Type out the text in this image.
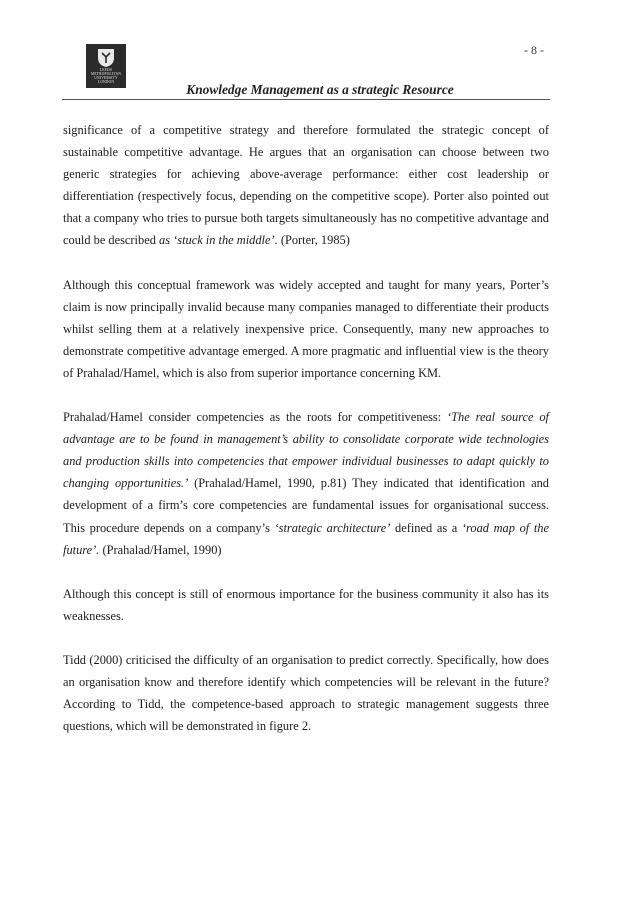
LEEDS METROPOLITAN
UNIVERSITY
LONDON
- 8 -
Knowledge Management as a strategic Resource

significance of a competitive strategy and therefore formulated the strategic concept of sustainable competitive advantage. He argues that an organisation can choose between two generic strategies for achieving above-average performance: either cost leadership or differentiation (respectively focus, depending on the competitive scope). Porter also pointed out that a company who tries to pursue both targets simultaneously has no competitive advantage and could be described as ‘stuck in the middle’. (Porter, 1985)

Although this conceptual framework was widely accepted and taught for many years, Porter’s claim is now principally invalid because many companies managed to differentiate their products whilst selling them at a relatively inexpensive price. Consequently, many new approaches to demonstrate competitive advantage emerged. A more pragmatic and influential view is the theory of Prahalad/Hamel, which is also from superior importance concerning KM.

Prahalad/Hamel consider competencies as the roots for competitiveness: ‘The real source of advantage are to be found in management’s ability to consolidate corporate wide technologies and production skills into competencies that empower individual businesses to adapt quickly to changing opportunities.’ (Prahalad/Hamel, 1990, p.81) They indicated that identification and development of a firm’s core competencies are fundamental issues for organisational success. This procedure depends on a company’s ‘strategic architecture’ defined as a ‘road map of the future’. (Prahalad/Hamel, 1990)

Although this concept is still of enormous importance for the business community it also has its weaknesses.

Tidd (2000) criticised the difficulty of an organisation to predict correctly. Specifically, how does an organisation know and therefore identify which competencies will be relevant in the future? According to Tidd, the competence-based approach to strategic management suggests three questions, which will be demonstrated in figure 2.
